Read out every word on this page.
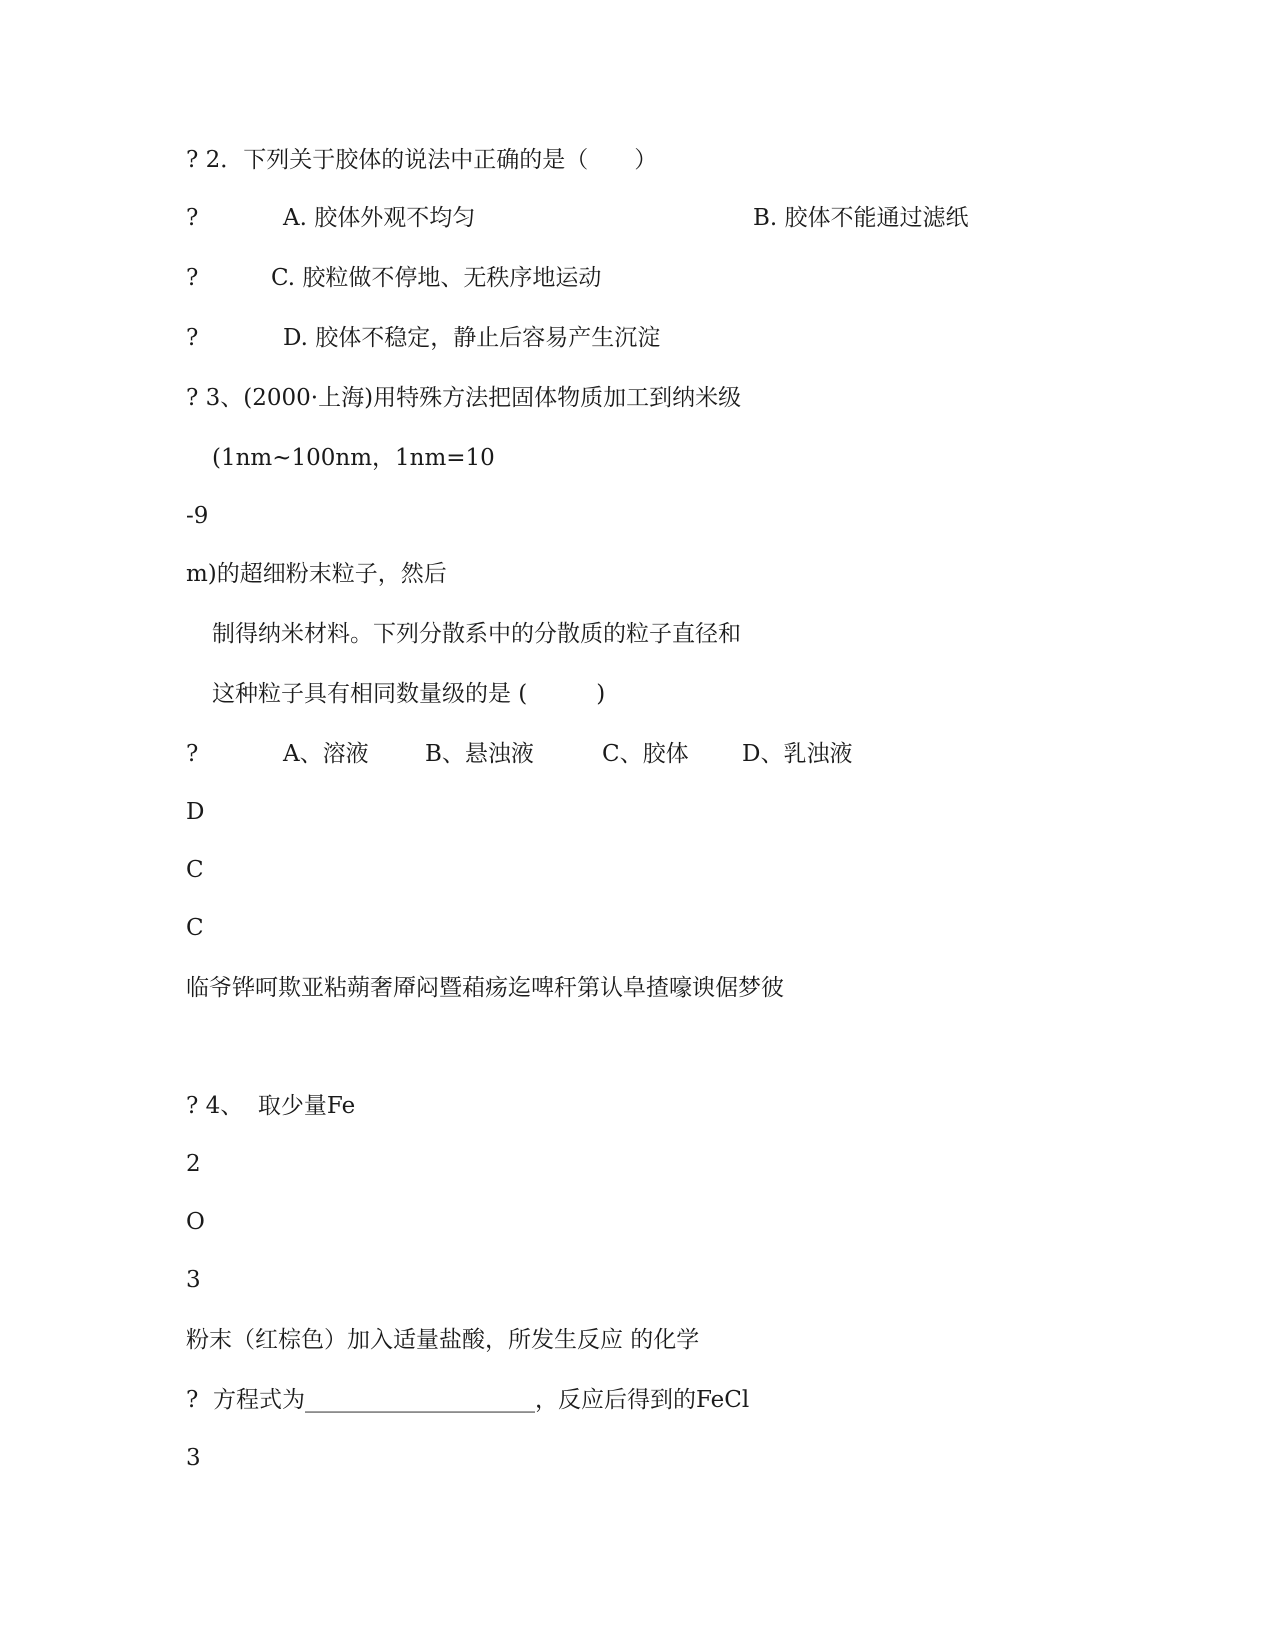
? 2．下列关于胶体的说法中正确的是（　　）
?	A. 胶体外观不均匀	B. 胶体不能通过滤纸
?	C. 胶粒做不停地、无秩序地运动
?	D. 胶体不稳定，静止后容易产生沉淀
? 3、(2000·上海)用特殊方法把固体物质加工到纳米级
(1nm~100nm，1nm=10
-9
m)的超细粉末粒子，然后
制得纳米材料。下列分散系中的分散质的粒子直径和
这种粒子具有相同数量级的是 (　　　)
?	A、溶液 B、悬浊液	C、胶体 D、乳浊液
D
C
C
临爷铧呵欺亚粘蒴奢厣闷暨葙疡迄啤秆第认阜揸嚎谀倨梦彼
? 4、  取少量Fe
2
O
3
粉末（红棕色）加入适量盐酸，所发生反应 的化学
?  方程式为____________________，反应后得到的FeCl
3
